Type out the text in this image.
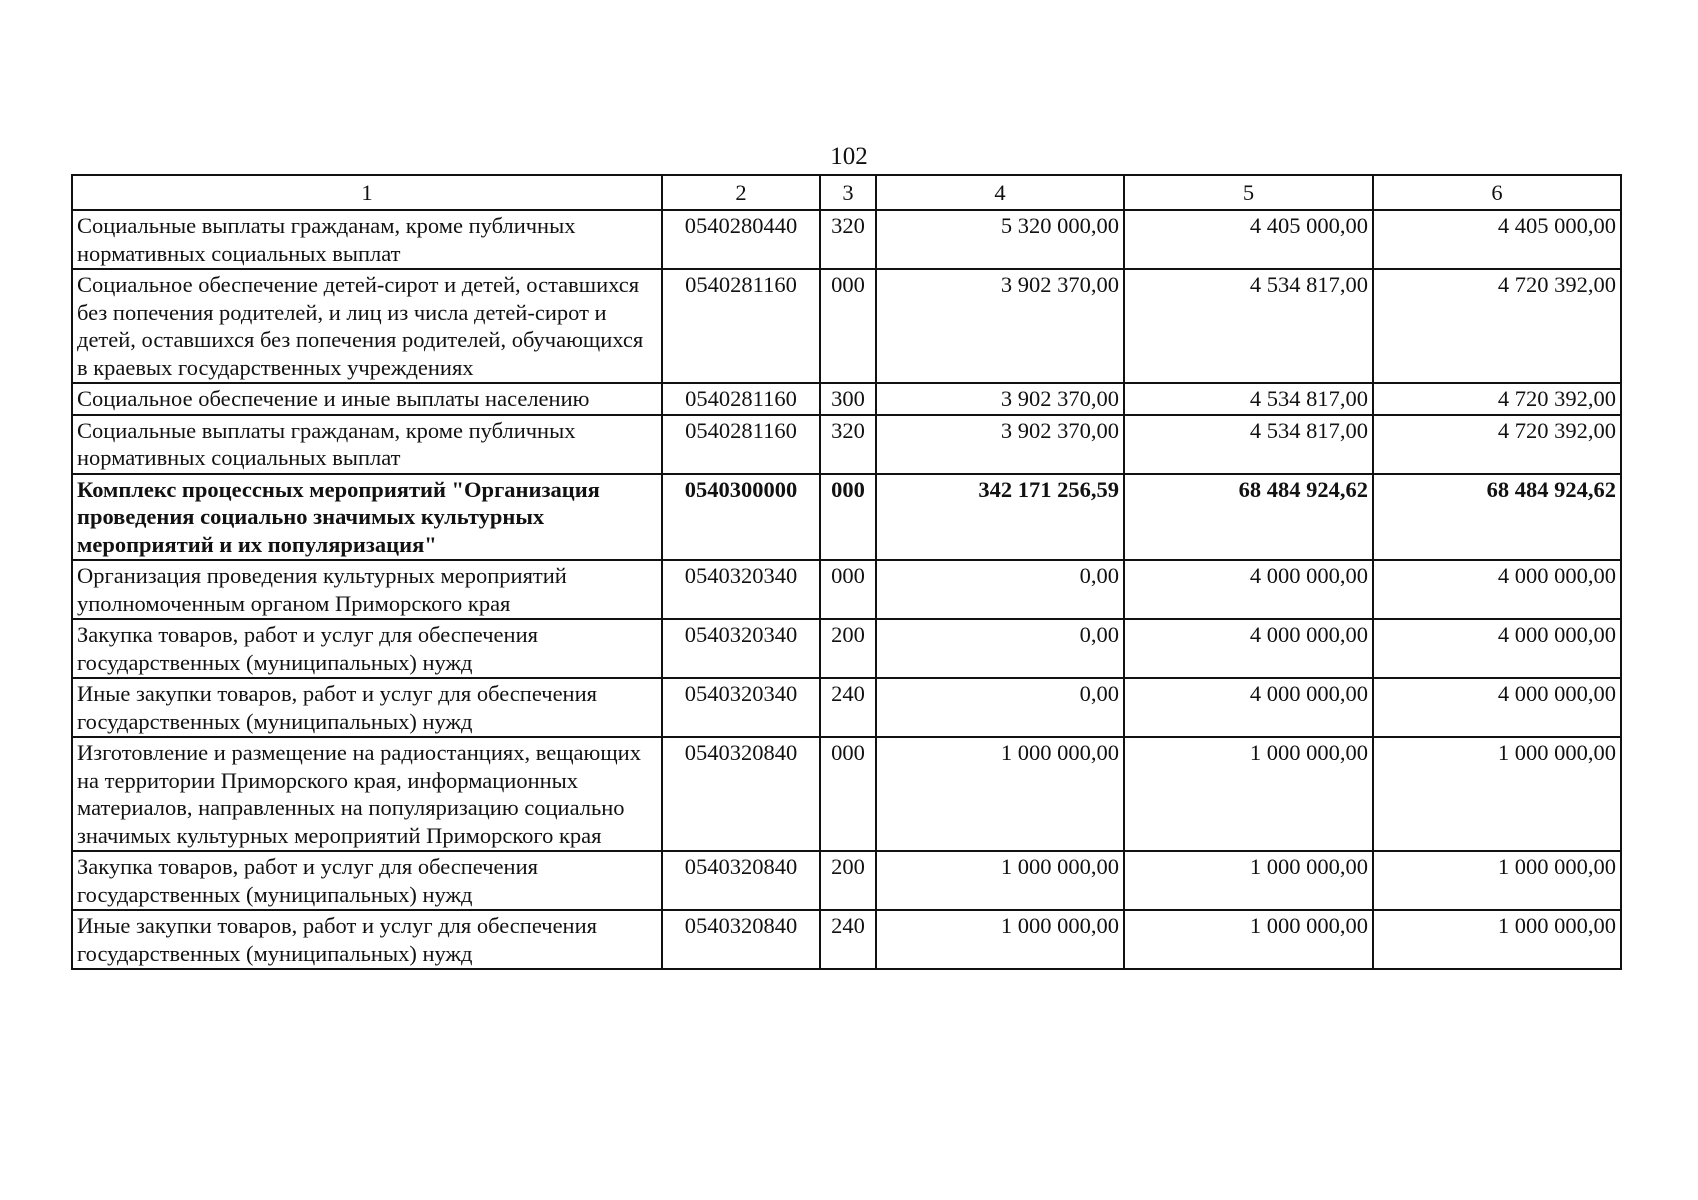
102
1	2	3	4	5	6
Социальные выплаты гражданам, кроме публичных нормативных социальных выплат	0540280440	320	5 320 000,00	4 405 000,00	4 405 000,00
Социальное обеспечение детей-сирот и детей, оставшихся без попечения родителей, и лиц из числа детей-сирот и детей, оставшихся без попечения родителей, обучающихся в краевых государственных учреждениях	0540281160	000	3 902 370,00	4 534 817,00	4 720 392,00
Социальное обеспечение и иные выплаты населению	0540281160	300	3 902 370,00	4 534 817,00	4 720 392,00
Социальные выплаты гражданам, кроме публичных нормативных социальных выплат	0540281160	320	3 902 370,00	4 534 817,00	4 720 392,00
Комплекс процессных мероприятий "Организация проведения социально значимых культурных мероприятий и их популяризация"	0540300000	000	342 171 256,59	68 484 924,62	68 484 924,62
Организация проведения культурных мероприятий уполномоченным органом Приморского края	0540320340	000	0,00	4 000 000,00	4 000 000,00
Закупка товаров, работ и услуг для обеспечения государственных (муниципальных) нужд	0540320340	200	0,00	4 000 000,00	4 000 000,00
Иные закупки товаров, работ и услуг для обеспечения государственных (муниципальных) нужд	0540320340	240	0,00	4 000 000,00	4 000 000,00
Изготовление и размещение на радиостанциях, вещающих на территории Приморского края, информационных материалов, направленных на популяризацию социально значимых культурных мероприятий Приморского края	0540320840	000	1 000 000,00	1 000 000,00	1 000 000,00
Закупка товаров, работ и услуг для обеспечения государственных (муниципальных) нужд	0540320840	200	1 000 000,00	1 000 000,00	1 000 000,00
Иные закупки товаров, работ и услуг для обеспечения государственных (муниципальных) нужд	0540320840	240	1 000 000,00	1 000 000,00	1 000 000,00
